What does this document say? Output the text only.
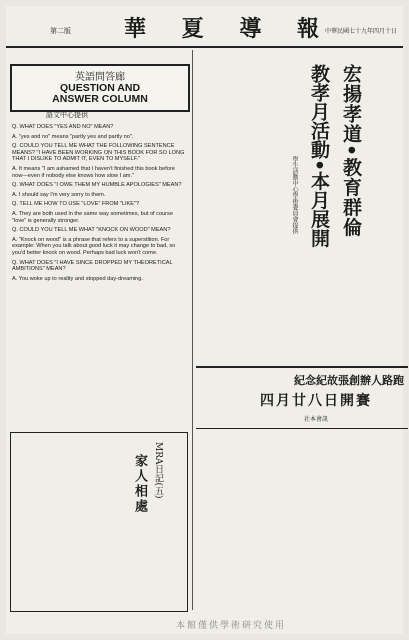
第二版 華 夏 導 報
中華民國七十九年四月十日
英語問答廊
QUESTION AND
ANSWER COLUMN
語文中心提供

Q. WHAT DOES "YES AND NO" MEAN?

A. "yes and no" means "partly yes and partly no".

Q. COULD YOU TELL ME WHAT THE FOLLOWING SENTENCE MEANS? "I HAVE BEEN WORKING ON THIS BOOK FOR SO LONG THAT I DISLIKE TO ADMIT IT, EVEN TO MYSELF."

A. It means "I am ashamed that I haven't finished this book before now—even if nobody else knows how slow I am."

Q. WHAT DOES "I OWE THEM MY HUMBLE APOLOGIES" MEAN?

A. I should say I'm very sorry to them.

Q. TELL ME HOW TO USE "LOVE" FROM "LIKE"?

A. They are both used in the same way sometimes, but of course "love" is generally stronger.

Q. COULD YOU TELL ME WHAT "KNOCK ON WOOD" MEAN?

A. "Knock on wood" is a phrase that refers to a superstition. For example: When you talk about good luck it may change to bad, so you'd better knock on wood. Perhaps bad luck won't come.

Q. WHAT DOES "I HAVE SINCE DROPPED MY THEORETICAL AMBITIONS" MEAN?

A. You woke up to reality and stopped day-dreaming.

宏揚孝道•教育群倫
教孝月活動•本月展開
學生活動中心學術委員會提供
紀念紀故張創辦人路跑
四月廿八日開賽
社本會訊
MRA日記(五)
家人相處
本館僅供學術研究使用
